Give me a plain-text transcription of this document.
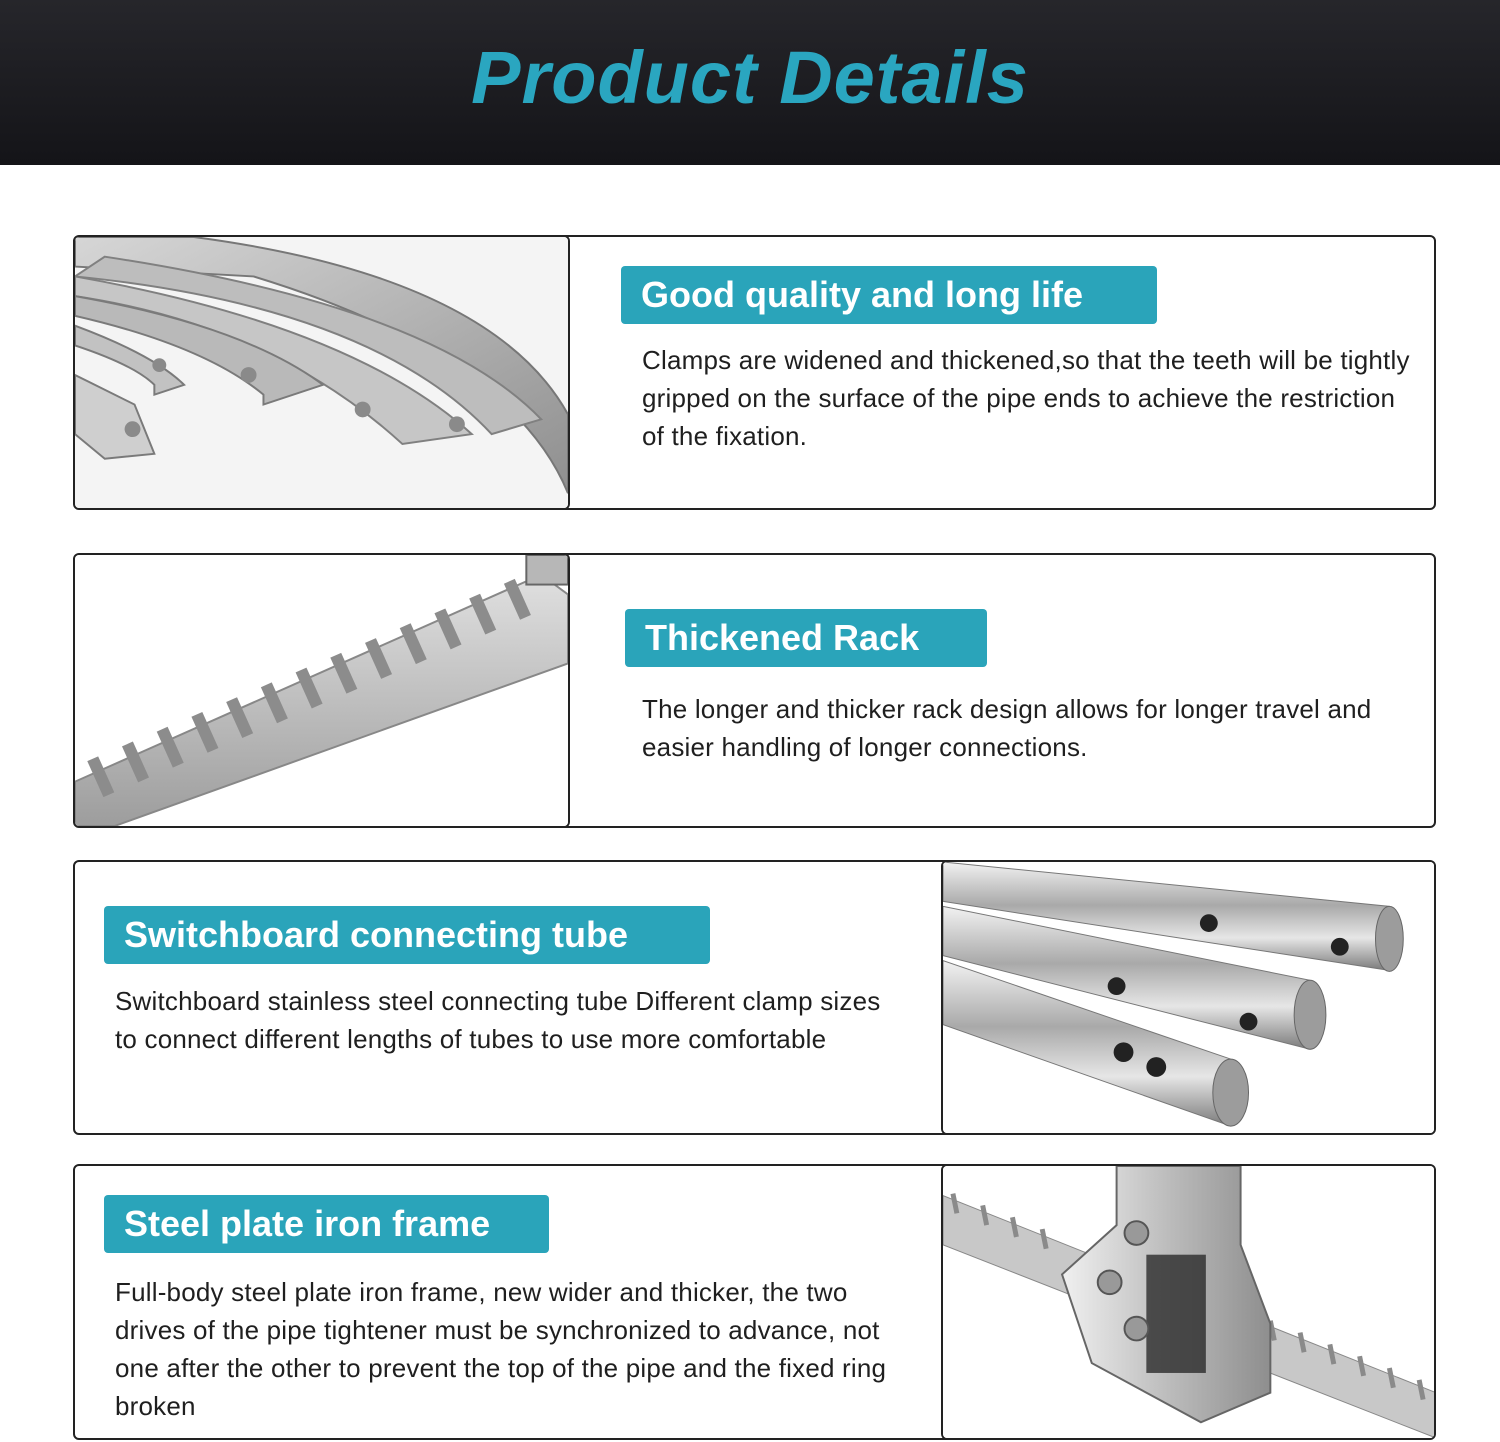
Product Details
Good quality and long life

Clamps are widened and thickened,so that the teeth will be tightly gripped on the surface of the pipe ends to achieve the restriction of the fixation.

Thickened Rack

The longer and thicker rack design allows for longer travel and easier handling of longer connections.

Switchboard connecting tube

Switchboard stainless steel connecting tube Different clamp sizes to connect different lengths of tubes to use more comfortable

Steel plate iron frame

Full-body steel plate iron frame, new wider and thicker, the two drives of the pipe tightener must be synchronized to advance, not one after the other to prevent the top of the pipe and the fixed ring broken
